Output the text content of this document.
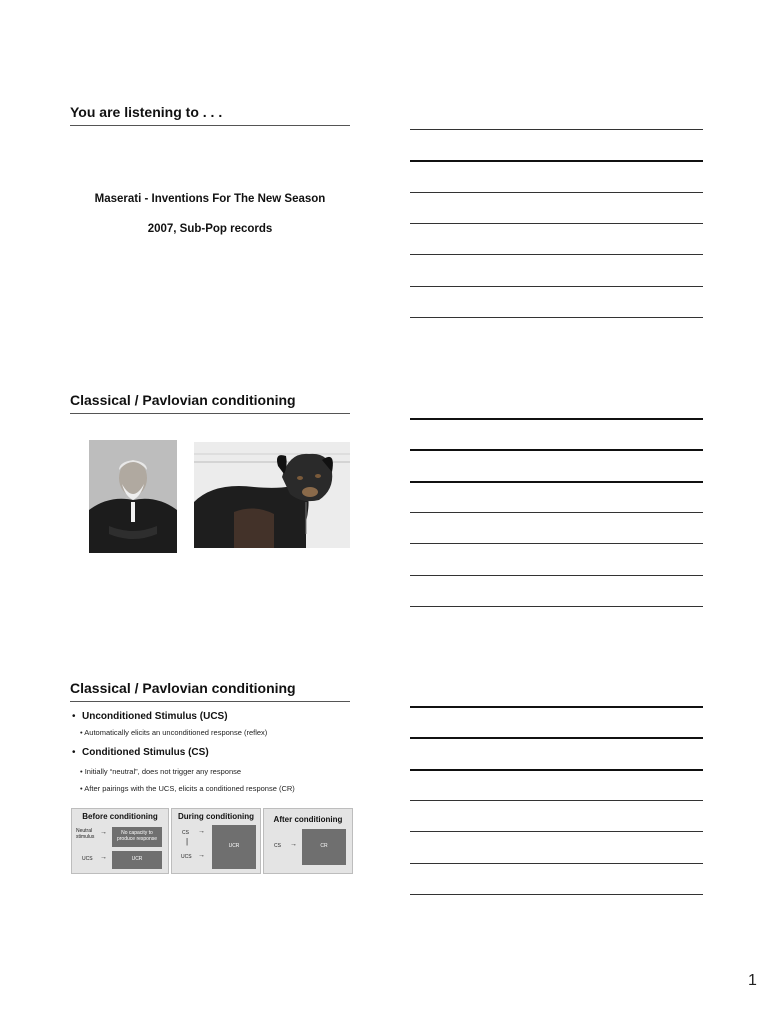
You are listening to . . .
Maserati - Inventions For The New Season
2007, Sub-Pop records
Classical / Pavlovian conditioning
Classical / Pavlovian conditioning
• Unconditioned Stimulus (UCS)
• Automatically elicits an unconditioned response (reflex)
• Conditioned Stimulus (CS)
• Initially “neutral”, does not trigger any response
• After pairings with the UCS, elicits a conditioned response (CR)
Before conditioning
Neutral stimulus
→	No capacity to produce response
UCS →	UCR
During conditioning
CS →
|
UCS →
UCR
After conditioning
CS →	CR
1
